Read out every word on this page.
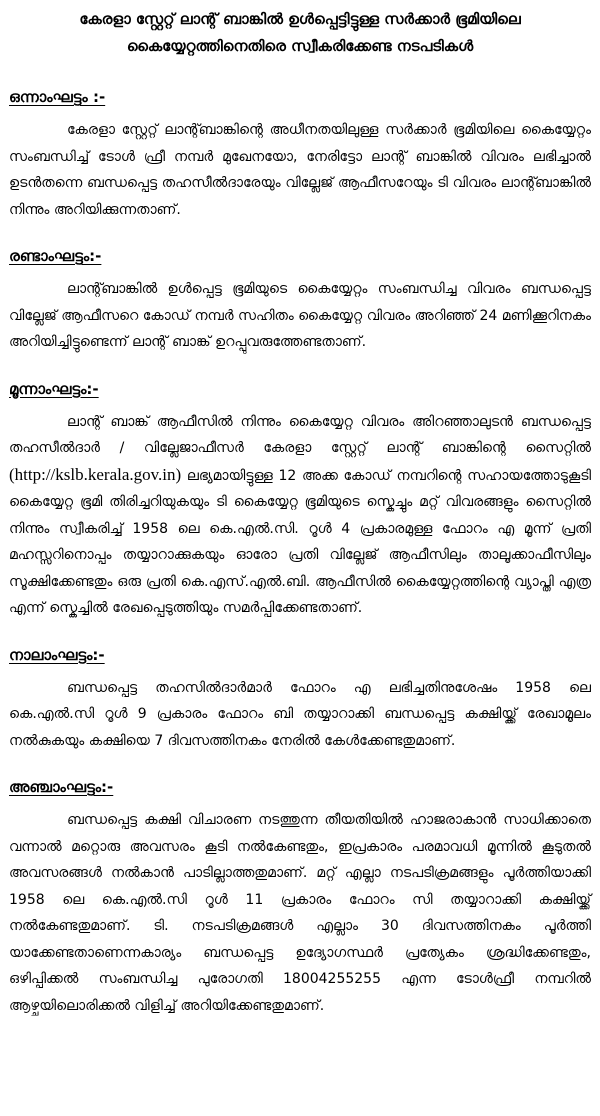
കേരളാ സ്റ്റേറ്റ് ലാന്റ് ബാങ്കിൽ ഉൾപ്പെട്ടിട്ടുള്ള സർക്കാർ ഭൂമിയിലെ
കൈയ്യേറ്റത്തിനെതിരെ സ്വീകരിക്കേണ്ട നടപടികൾ
ഒന്നാംഘട്ടം :-

കേരളാ സ്റ്റേറ്റ് ലാന്റ്ബാങ്കിന്റെ അധീനതയിലുള്ള സർക്കാർ ഭൂമിയിലെ കൈയ്യേറ്റം സംബന്ധിച്ച് ടോൾ ഫ്രീ നമ്പർ മുഖേനയോ, നേരിട്ടോ ലാന്റ് ബാങ്കിൽ വിവരം ലഭിച്ചാൽ ഉടൻതന്നെ ബന്ധപ്പെട്ട തഹസീൽദാരേയും വില്ലേജ് ആഫീസറേയും ടി വിവരം ലാന്റ്ബാങ്കിൽ നിന്നും അറിയിക്കുന്നതാണ്.

രണ്ടാംഘട്ടം:-

ലാന്റ്ബാങ്കിൽ ഉൾപ്പെട്ട ഭൂമിയുടെ കൈയ്യേറ്റം സംബന്ധിച്ച വിവരം ബന്ധപ്പെട്ട വില്ലേജ് ആഫീസറെ കോഡ് നമ്പർ സഹിതം കൈയ്യേറ്റ വിവരം അറിഞ്ഞ് 24 മണിക്കൂറിനകം അറിയിച്ചിട്ടുണ്ടെന്ന് ലാന്റ് ബാങ്ക് ഉറപ്പുവരുത്തേണ്ടതാണ്.

മൂന്നാംഘട്ടം:-

ലാന്റ് ബാങ്ക് ആഫീസിൽ നിന്നും കൈയ്യേറ്റ വിവരം അിറഞ്ഞാലുടൻ ബന്ധപ്പെട്ട തഹസീൽദാർ / വില്ലേജാഫീസർ കേരളാ സ്റ്റേറ്റ് ലാന്റ് ബാങ്കിന്റെ സൈറ്റിൽ (http://kslb.kerala.gov.in) ലഭ്യമായിട്ടുള്ള 12 അക്ക കോഡ് നമ്പറിന്റെ സഹായത്തോടുകൂടി കൈയ്യേറ്റ ഭൂമി തിരിച്ചറിയുകയും ടി കൈയ്യേറ്റ ഭൂമിയുടെ സ്കെച്ചും മറ്റ് വിവരങ്ങളും സൈറ്റിൽ നിന്നും സ്വീകരിച്ച് 1958 ലെ കെ.എൽ.സി. റൂൾ 4 പ്രകാരമുള്ള ഫോറം എ മൂന്ന് പ്രതി മഹസ്സറിനൊപ്പം തയ്യാറാക്കുകയും ഓരോ പ്രതി വില്ലേജ് ആഫീസിലും താലൂക്കാഫീസിലും സൂക്ഷിക്കേണ്ടതും ഒരു പ്രതി കെ.എസ്.എൽ.ബി. ആഫീസിൽ കൈയ്യേറ്റത്തിന്റെ വ്യാപ്തി എത്ര എന്ന് സ്കെച്ചിൽ രേഖപ്പെടുത്തിയും സമർപ്പിക്കേണ്ടതാണ്.

നാലാംഘട്ടം:-

ബന്ധപ്പെട്ട തഹസിൽദാർമാർ ഫോറം എ ലഭിച്ചതിനുശേഷം 1958 ലെ കെ.എൽ.സി റൂൾ 9 പ്രകാരം ഫോറം ബി തയ്യാറാക്കി ബന്ധപ്പെട്ട കക്ഷിയ്ക്ക് രേഖാമൂലം നൽകുകയും കക്ഷിയെ 7 ദിവസത്തിനകം നേരിൽ കേൾക്കേണ്ടതുമാണ്.

അഞ്ചാംഘട്ടം:-

ബന്ധപ്പെട്ട കക്ഷി വിചാരണ നടത്തുന്ന തീയതിയിൽ ഹാജരാകാൻ സാധിക്കാതെ വന്നാൽ മറ്റൊരു അവസരം കൂടി നൽകേണ്ടതും, ഇപ്രകാരം പരമാവധി മൂന്നിൽ കൂടുതൽ അവസരങ്ങൾ നൽകാൻ പാടില്ലാത്തതുമാണ്. മറ്റ് എല്ലാ നടപടിക്രമങ്ങളും പൂർത്തിയാക്കി 1958 ലെ കെ.എൽ.സി റൂൾ 11 പ്രകാരം ഫോറം സി തയ്യാറാക്കി കക്ഷിയ്ക്ക് നൽകേണ്ടതുമാണ്. ടി. നടപടിക്രമങ്ങൾ എല്ലാം 30 ദിവസത്തിനകം പൂർത്തി യാക്കേണ്ടതാണെന്നകാര്യം ബന്ധപ്പെട്ട ഉദ്യോഗസ്ഥർ പ്രത്യേകം ശ്രദ്ധിക്കേണ്ടതും, ഒഴിപ്പിക്കൽ സംബന്ധിച്ച പുരോഗതി 18004255255 എന്ന ടോൾഫ്രീ നമ്പറിൽ ആഴ്ചയിലൊരിക്കൽ വിളിച്ച് അറിയിക്കേണ്ടതുമാണ്.
